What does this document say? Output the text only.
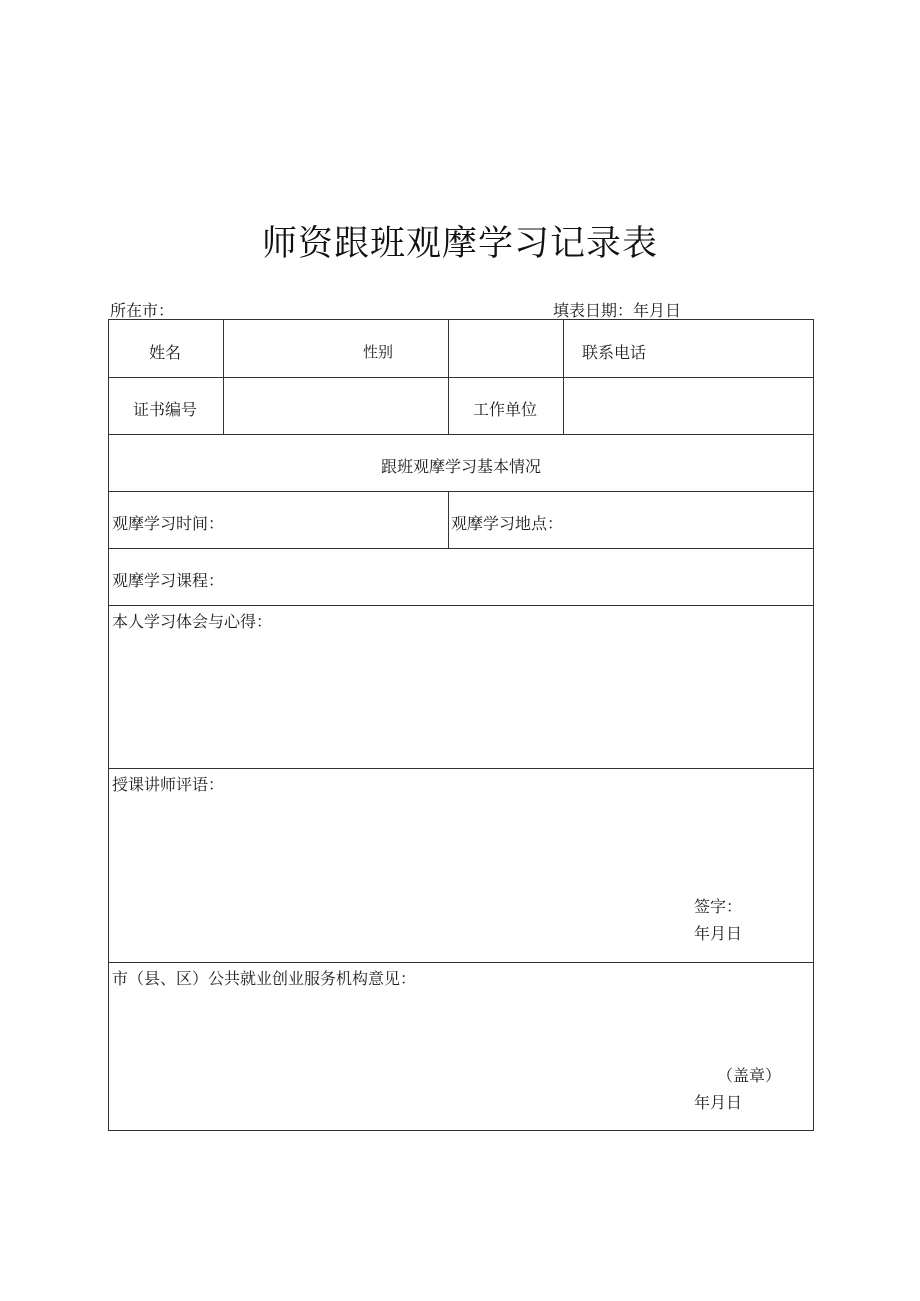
师资跟班观摩学习记录表
所在市：	填表日期：年月日
姓名	性别	联系电话
证书编号	工作单位
跟班观摩学习基本情况
观摩学习时间：	观摩学习地点：
观摩学习课程：
本人学习体会与心得：
授课讲师评语：
签字：
年月日
市（县、区）公共就业创业服务机构意见：
（盖章）
年月日
